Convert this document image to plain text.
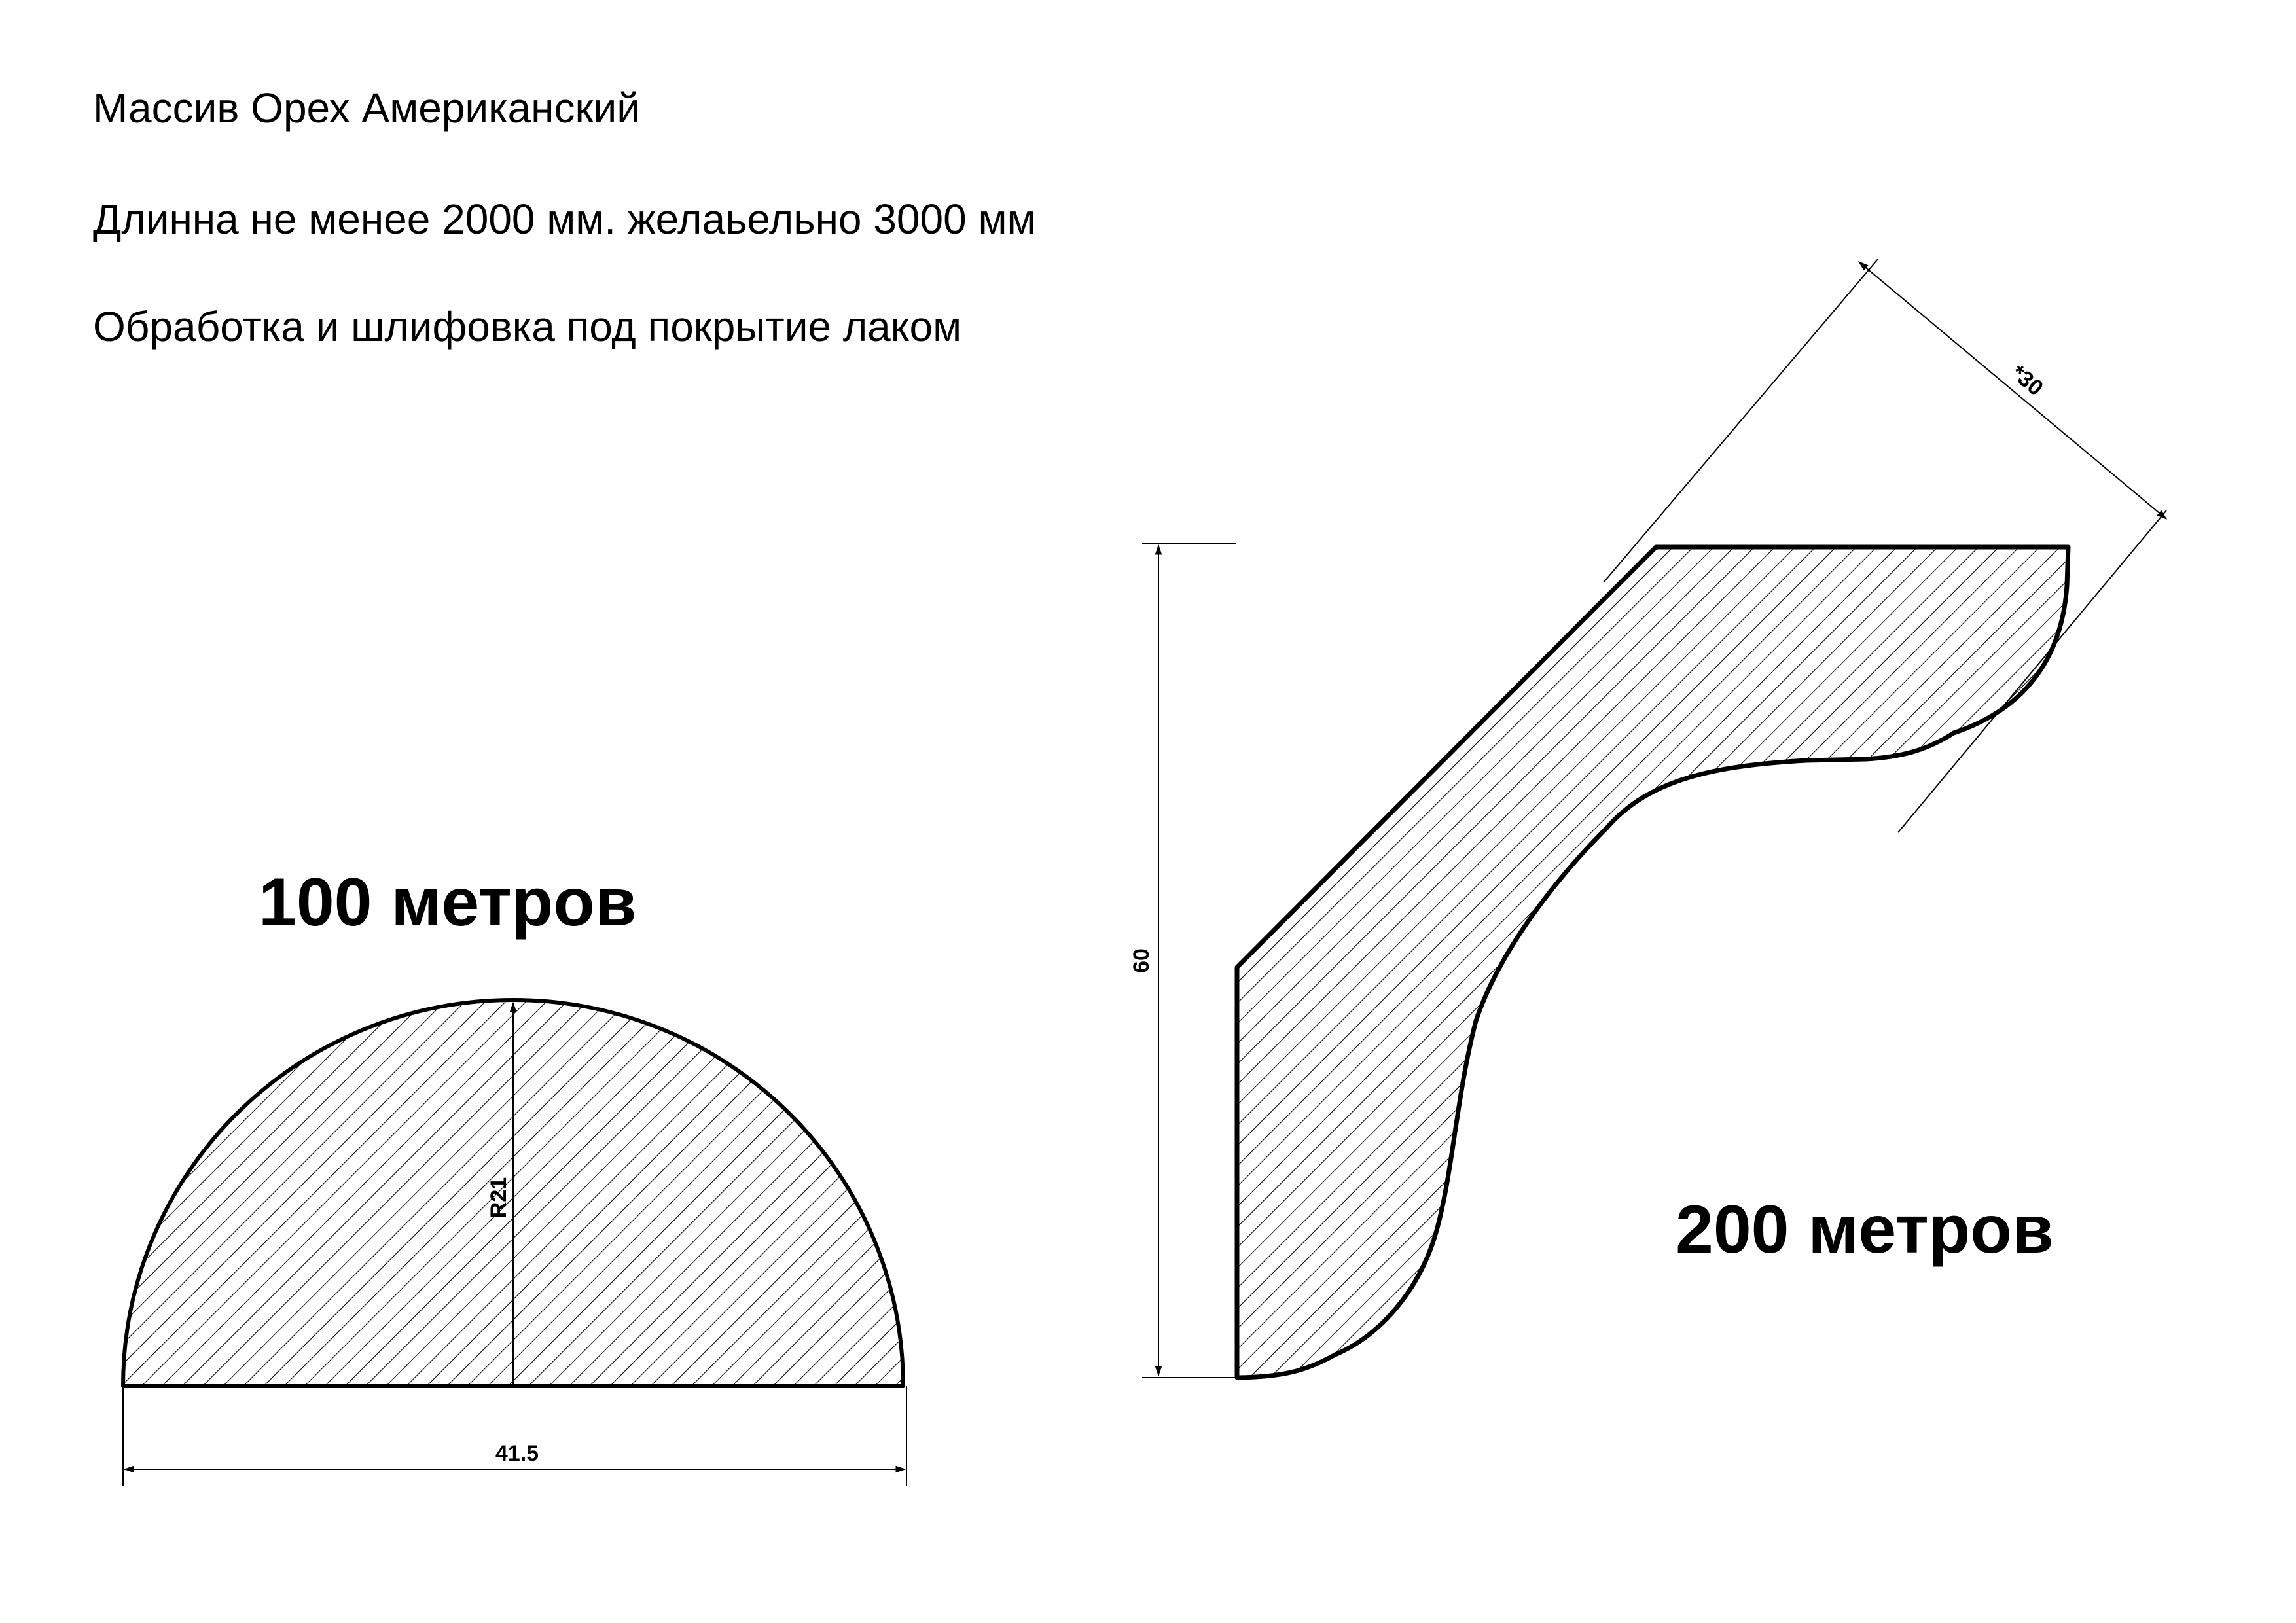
Массив Орех Американский

Длинна не менее 2000 мм. желаьельно 3000 мм

Обработка и шлифовка под покрытие лаком

R21
41.5
60
*30

100 метров

200 метров
